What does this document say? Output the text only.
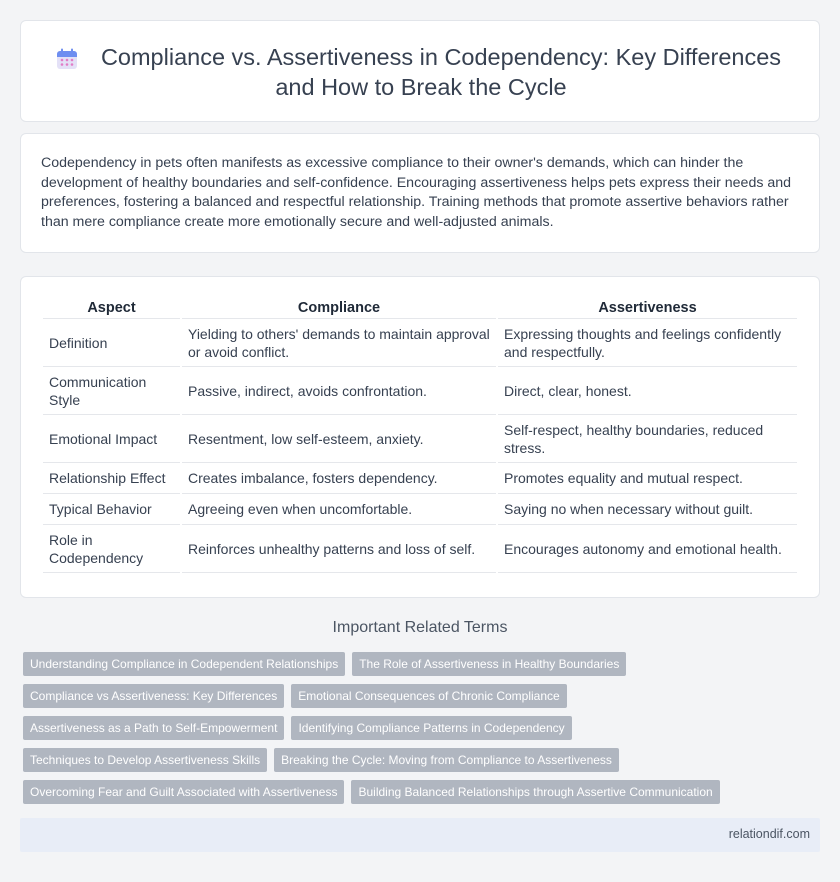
Compliance vs. Assertiveness in Codependency: Key Differences and How to Break the Cycle

Codependency in pets often manifests as excessive compliance to their owner's demands, which can hinder the development of healthy boundaries and self-confidence. Encouraging assertiveness helps pets express their needs and preferences, fostering a balanced and respectful relationship. Training methods that promote assertive behaviors rather than mere compliance create more emotionally secure and well-adjusted animals.

Aspect	Compliance	Assertiveness
Definition	Yielding to others' demands to maintain approval or avoid conflict.	Expressing thoughts and feelings confidently and respectfully.
Communication Style	Passive, indirect, avoids confrontation.	Direct, clear, honest.
Emotional Impact	Resentment, low self-esteem, anxiety.	Self-respect, healthy boundaries, reduced stress.
Relationship Effect	Creates imbalance, fosters dependency.	Promotes equality and mutual respect.
Typical Behavior	Agreeing even when uncomfortable.	Saying no when necessary without guilt.
Role in Codependency	Reinforces unhealthy patterns and loss of self.	Encourages autonomy and emotional health.
Important Related Terms
Understanding Compliance in Codependent Relationships	The Role of Assertiveness in Healthy Boundaries
Compliance vs Assertiveness: Key Differences	Emotional Consequences of Chronic Compliance
Assertiveness as a Path to Self-Empowerment	Identifying Compliance Patterns in Codependency
Techniques to Develop Assertiveness Skills	Breaking the Cycle: Moving from Compliance to Assertiveness
Overcoming Fear and Guilt Associated with Assertiveness	Building Balanced Relationships through Assertive Communication
relationdif.com
